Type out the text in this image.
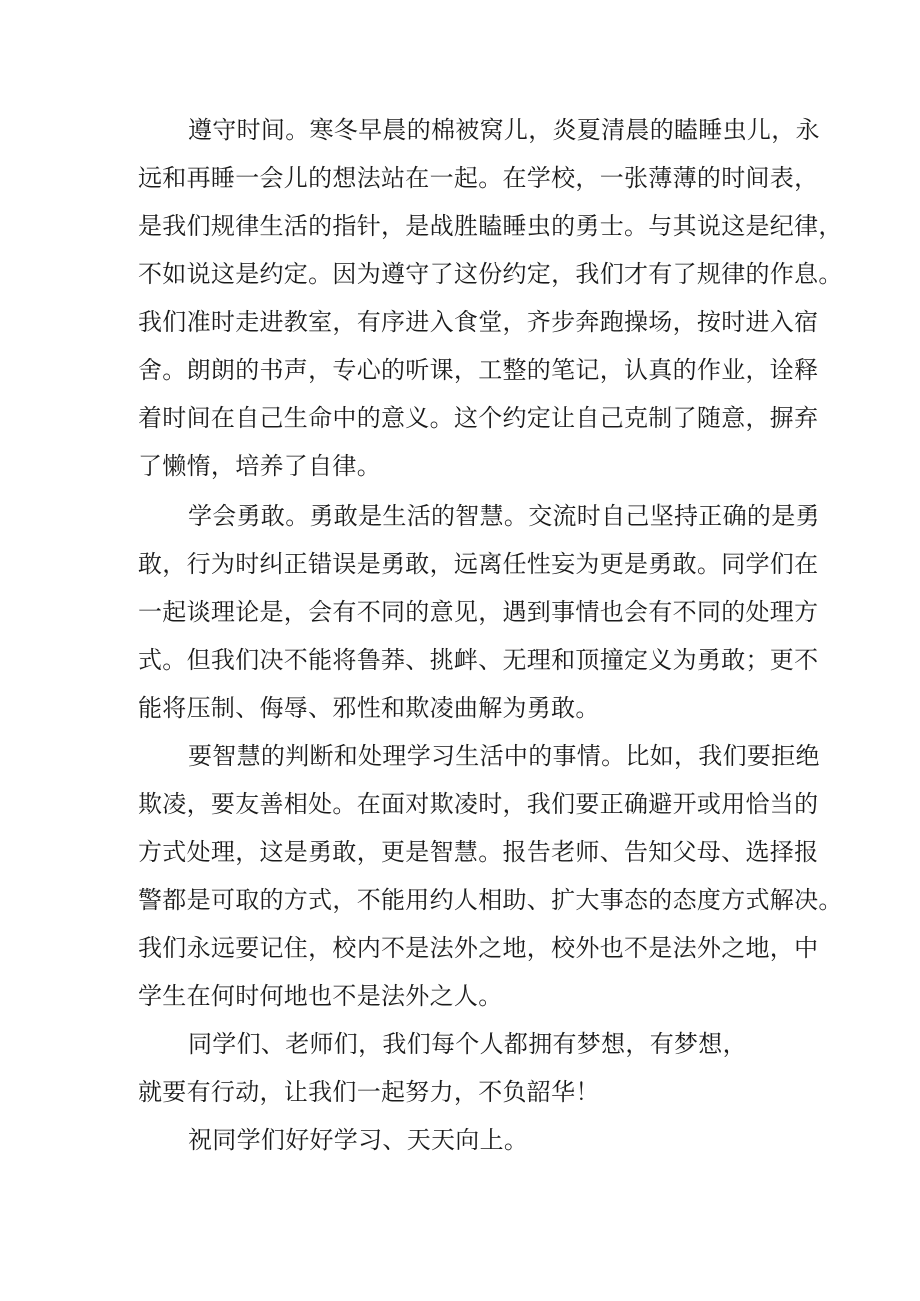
遵守时间。寒冬早晨的棉被窝儿，炎夏清晨的瞌睡虫儿，永
远和再睡一会儿的想法站在一起。在学校，一张薄薄的时间表，
是我们规律生活的指针，是战胜瞌睡虫的勇士。与其说这是纪律，
不如说这是约定。因为遵守了这份约定，我们才有了规律的作息。
我们准时走进教室，有序进入食堂，齐步奔跑操场，按时进入宿
舍。朗朗的书声，专心的听课，工整的笔记，认真的作业，诠释
着时间在自己生命中的意义。这个约定让自己克制了随意，摒弃
了懒惰，培养了自律。
学会勇敢。勇敢是生活的智慧。交流时自己坚持正确的是勇
敢，行为时纠正错误是勇敢，远离任性妄为更是勇敢。同学们在
一起谈理论是，会有不同的意见，遇到事情也会有不同的处理方
式。但我们决不能将鲁莽、挑衅、无理和顶撞定义为勇敢；更不
能将压制、侮辱、邪性和欺凌曲解为勇敢。
要智慧的判断和处理学习生活中的事情。比如，我们要拒绝
欺凌，要友善相处。在面对欺凌时，我们要正确避开或用恰当的
方式处理，这是勇敢，更是智慧。报告老师、告知父母、选择报
警都是可取的方式，不能用约人相助、扩大事态的态度方式解决。
我们永远要记住，校内不是法外之地，校外也不是法外之地，中
学生在何时何地也不是法外之人。
同学们、老师们，我们每个人都拥有梦想，有梦想，
就要有行动，让我们一起努力，不负韶华！
祝同学们好好学习、天天向上。
